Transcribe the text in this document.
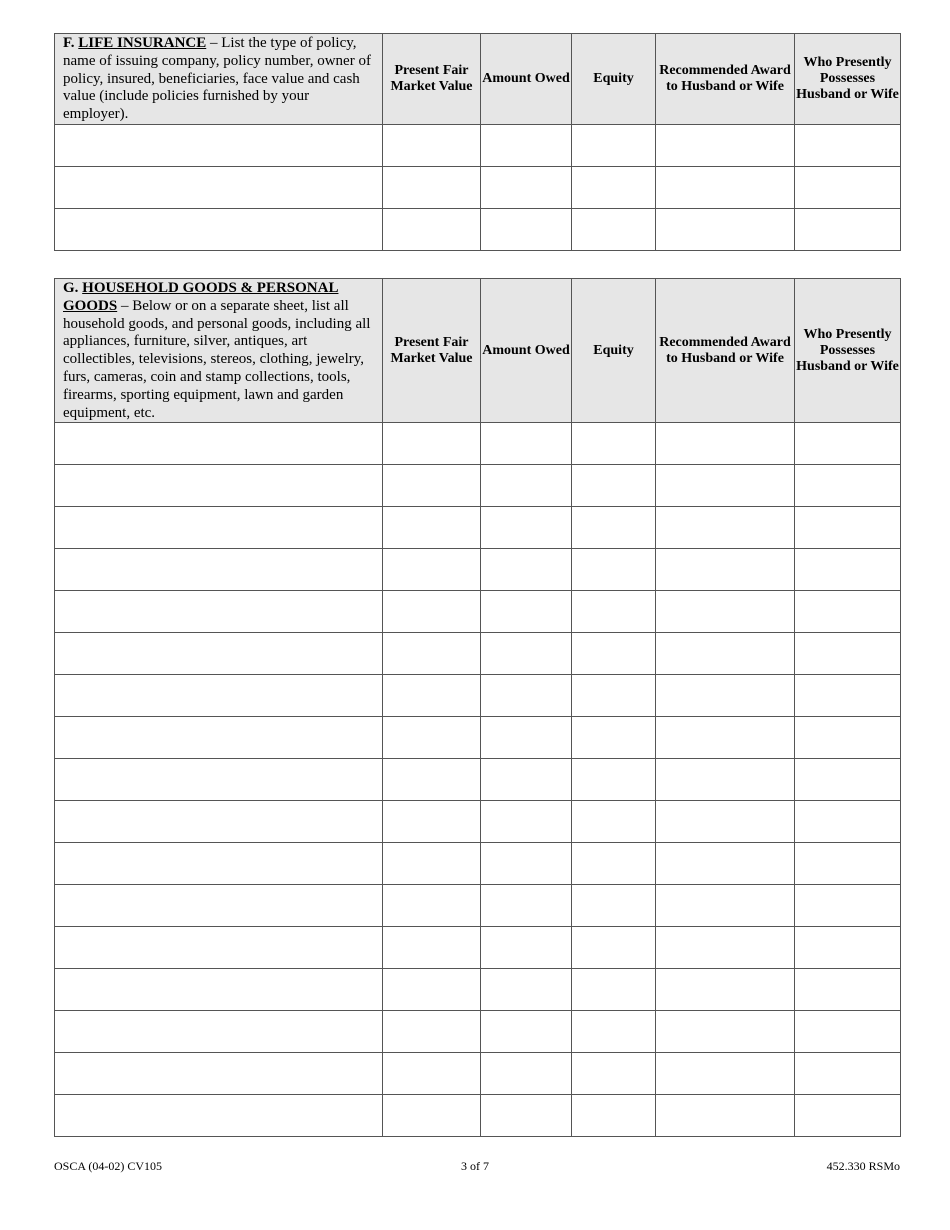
F. LIFE INSURANCE – List the type of policy, name of issuing company, policy number, owner of policy, insured, beneficiaries, face value and cash value (include policies furnished by your employer).	Present Fair Market Value	Amount Owed	Equity	Recommended Award to Husband or Wife	Who Presently Possesses Husband or Wife

G. HOUSEHOLD GOODS & PERSONAL GOODS – Below or on a separate sheet, list all household goods, and personal goods, including all appliances, furniture, silver, antiques, art collectibles, televisions, stereos, clothing, jewelry, furs, cameras, coin and stamp collections, tools, firearms, sporting equipment, lawn and garden equipment, etc.	Present Fair Market Value	Amount Owed	Equity	Recommended Award to Husband or Wife	Who Presently Possesses Husband or Wife

OSCA (04-02) CV105	3 of 7	452.330 RSMo
